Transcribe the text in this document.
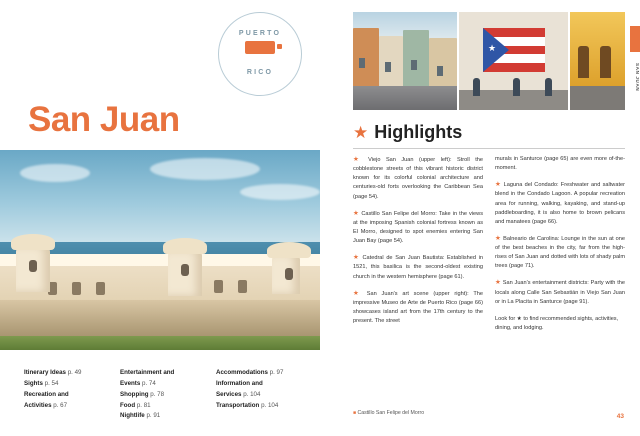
PUERTO
RICO
San Juan
Itinerary Ideas p. 49
Sights p. 54
Recreation and
Activities p. 67
Entertainment and
Events p. 74
Shopping p. 78
Food p. 81
Nightlife p. 91
Accommodations p. 97
Information and
Services p. 104
Transportation p. 104
★
★ Highlights
★ Viejo San Juan (upper left): Stroll the cobblestone streets of this vibrant historic district known for its colorful colonial architecture and centuries-old forts overlooking the Caribbean Sea (page 54).
★ Castillo San Felipe del Morro: Take in the views at the imposing Spanish colonial fortress known as El Morro, designed to spot enemies entering San Juan Bay (page 54).
★ Catedral de San Juan Bautista: Established in 1521, this basilica is the second-oldest existing church in the western hemisphere (page 61).
★ San Juan's art scene (upper right): The impressive Museo de Arte de Puerto Rico (page 66) showcases island art from the 17th century to the present. The street
murals in Santurce (page 65) are even more of-the-moment.
★ Laguna del Condado: Freshwater and saltwater blend in the Condado Lagoon. A popular recreation area for running, walking, kayaking, and stand-up paddleboarding, it is also home to brown pelicans and manatees (page 66).
★ Balneario de Carolina: Lounge in the sun at one of the best beaches in the city, far from the high-rises of San Juan and dotted with lots of shady palm trees (page 71).
★ San Juan's entertainment districts: Party with the locals along Calle San Sebastián in Viejo San Juan or in La Placita in Santurce (page 91).
Look for ★ to find recommended sights, activities, dining, and lodging.
■ Castillo San Felipe del Morro	43
SAN JUAN
